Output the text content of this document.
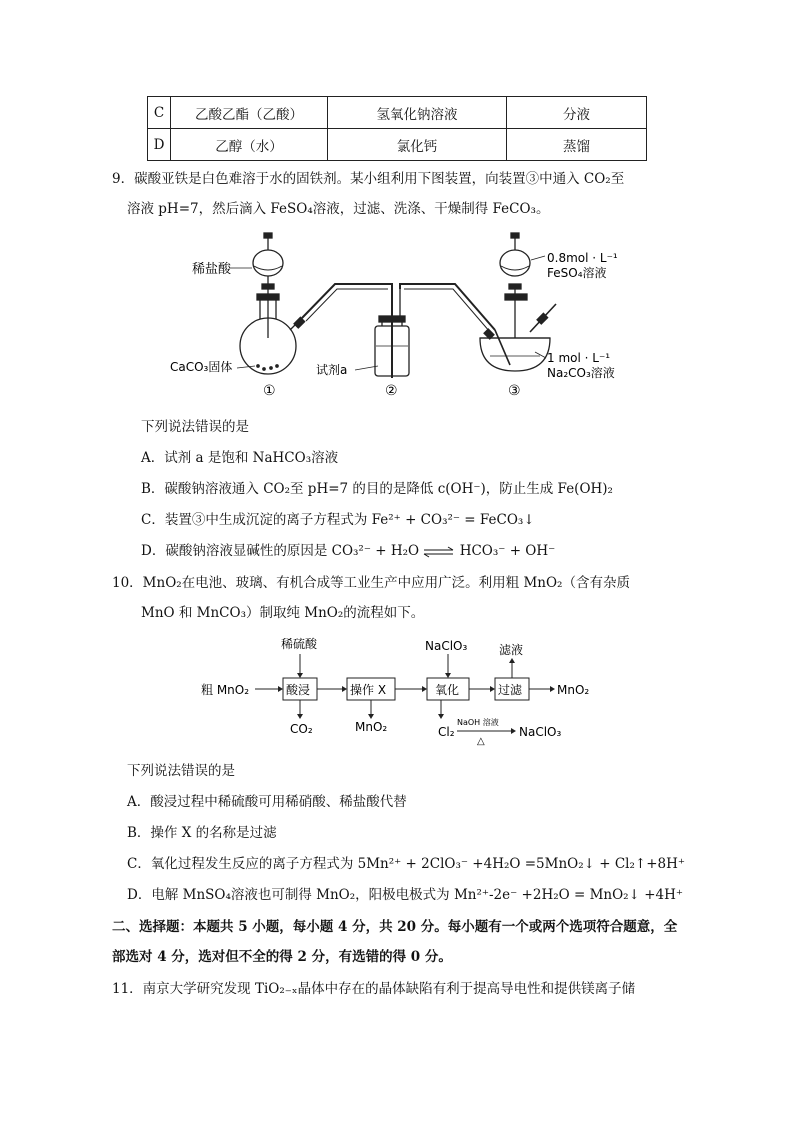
C	乙酸乙酯（乙酸）	氢氧化钠溶液	分液
D	乙醇（水）	氯化钙	蒸馏
9．碳酸亚铁是白色难溶于水的固铁剂。某小组利用下图装置，向装置③中通入 CO₂至
溶液 pH=7，然后滴入 FeSO₄溶液，过滤、洗涤、干燥制得 FeCO₃。
稀盐酸
CaCO₃固体	试剂a
0.8mol · L⁻¹
FeSO₄溶液
1 mol · L⁻¹
Na₂CO₃溶液
①	②	③
下列说法错误的是
A．试剂 a 是饱和 NaHCO₃溶液
B．碳酸钠溶液通入 CO₂至 pH=7 的目的是降低 c(OH⁻)，防止生成 Fe(OH)₂
C．装置③中生成沉淀的离子方程式为 Fe²⁺ + CO₃²⁻ = FeCO₃↓
D．碳酸钠溶液显碱性的原因是 CO₃²⁻ + H₂O ⇌ HCO₃⁻ + OH⁻
10．MnO₂在电池、玻璃、有机合成等工业生产中应用广泛。利用粗 MnO₂（含有杂质
MnO 和 MnCO₃）制取纯 MnO₂的流程如下。
粗 MnO₂
稀硫酸
酸浸
CO₂
操作 X
MnO₂
NaClO₃
氧化
滤液
过滤	MnO₂
Cl₂
NaOH 溶液
△
NaClO₃
下列说法错误的是
A．酸浸过程中稀硫酸可用稀硝酸、稀盐酸代替
B．操作 X 的名称是过滤
C．氧化过程发生反应的离子方程式为 5Mn²⁺ + 2ClO₃⁻ +4H₂O =5MnO₂↓ + Cl₂↑+8H⁺
D．电解 MnSO₄溶液也可制得 MnO₂，阳极电极式为 Mn²⁺-2e⁻ +2H₂O = MnO₂↓ +4H⁺
二、选择题：本题共 5 小题，每小题 4 分，共 20 分。每小题有一个或两个选项符合题意，全
部选对 4 分，选对但不全的得 2 分，有选错的得 0 分。
11．南京大学研究发现 TiO₂₋ₓ晶体中存在的晶体缺陷有利于提高导电性和提供镁离子储
